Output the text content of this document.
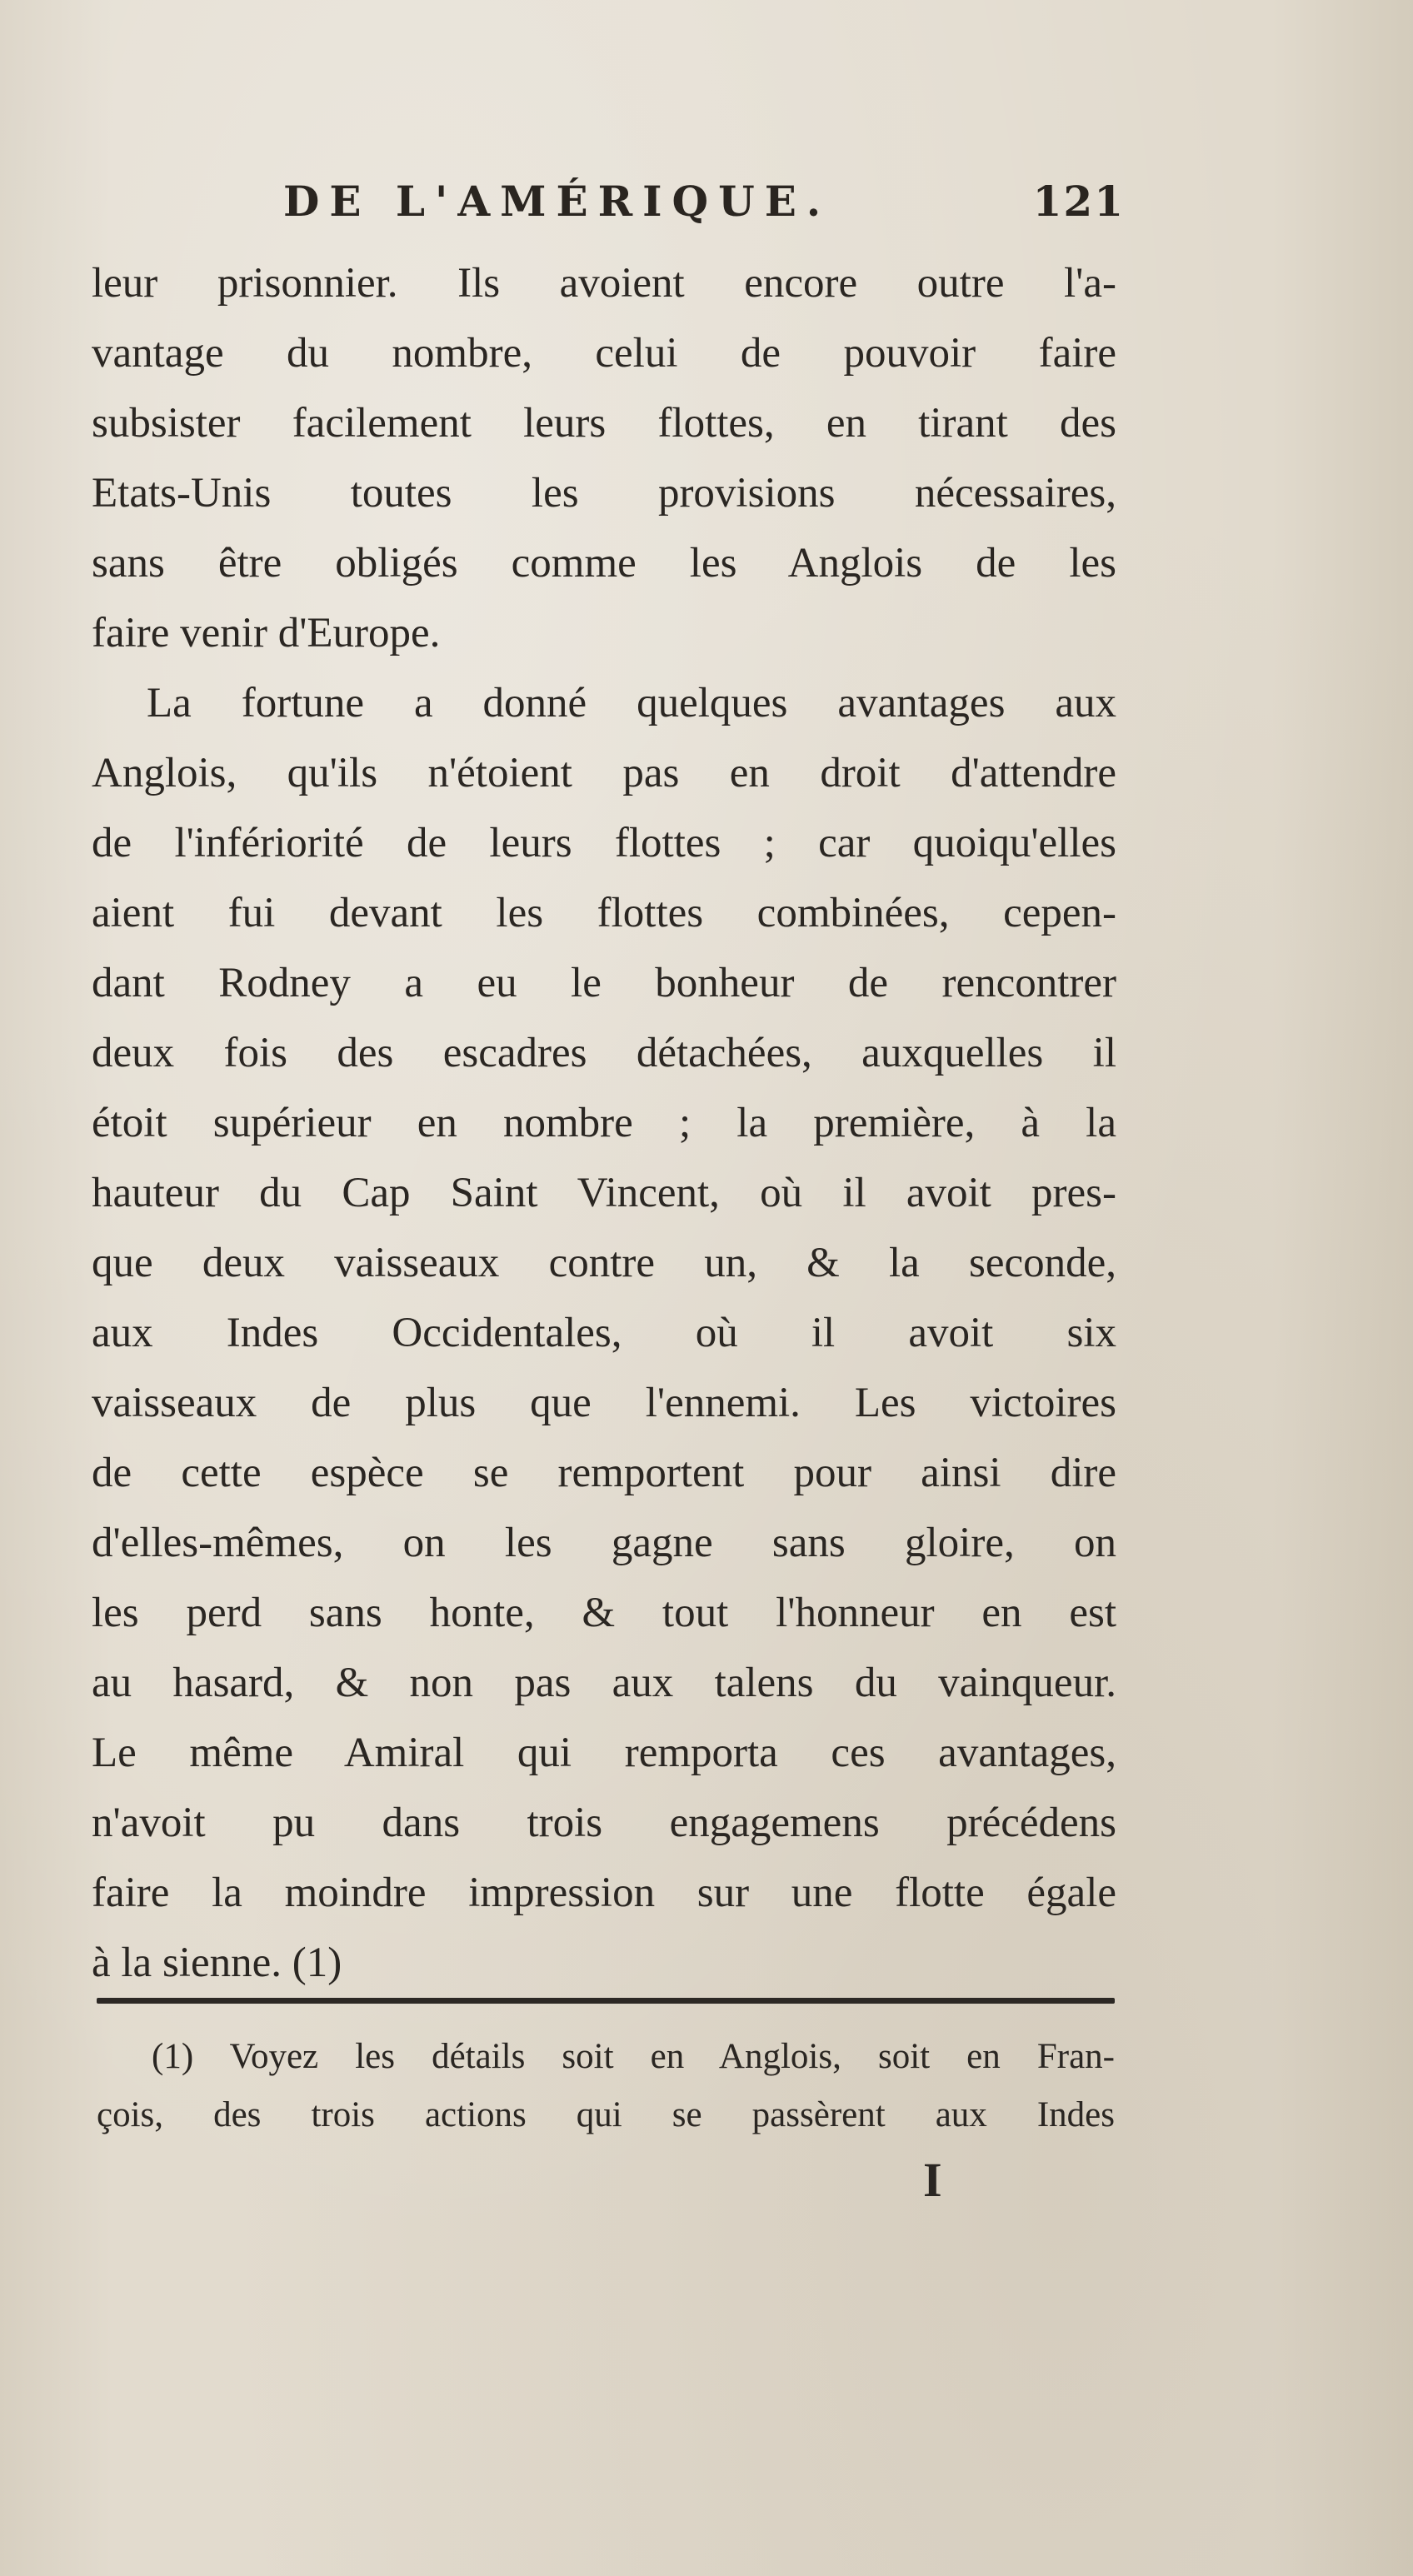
DE L'AMÉRIQUE.	121
leur prisonnier. Ils avoient encore outre l'a-
vantage du nombre, celui de pouvoir faire
subsister facilement leurs flottes, en tirant des
Etats-Unis toutes les provisions nécessaires,
sans être obligés comme les Anglois de les
faire venir d'Europe.
La fortune a donné quelques avantages aux
Anglois, qu'ils n'étoient pas en droit d'attendre
de l'infériorité de leurs flottes ; car quoiqu'elles
aient fui devant les flottes combinées, cepen-
dant Rodney a eu le bonheur de rencontrer
deux fois des escadres détachées, auxquelles il
étoit supérieur en nombre ; la première, à la
hauteur du Cap Saint Vincent, où il avoit pres-
que deux vaisseaux contre un, & la seconde,
aux Indes Occidentales, où il avoit six
vaisseaux de plus que l'ennemi. Les victoires
de cette espèce se remportent pour ainsi dire
d'elles-mêmes, on les gagne sans gloire, on
les perd sans honte, & tout l'honneur en est
au hasard, & non pas aux talens du vainqueur.
Le même Amiral qui remporta ces avantages,
n'avoit pu dans trois engagemens précédens
faire la moindre impression sur une flotte égale
à la sienne. (1)
(1) Voyez les détails soit en Anglois, soit en Fran-
çois, des trois actions qui se passèrent aux Indes
I
